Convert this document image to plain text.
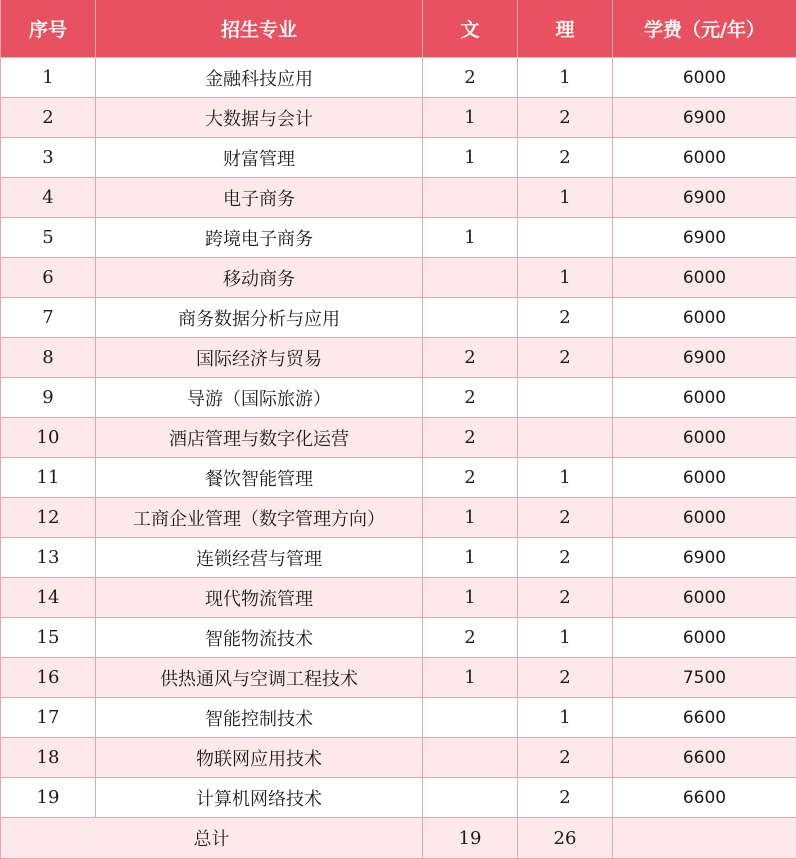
序号	招生专业	文	理	学费（元/年）
1	金融科技应用	2	1	6000
2	大数据与会计	1	2	6900
3	财富管理	1	2	6000
4	电子商务		1	6900
5	跨境电子商务	1		6900
6	移动商务		1	6000
7	商务数据分析与应用		2	6000
8	国际经济与贸易	2	2	6900
9	导游（国际旅游）	2		6000
10	酒店管理与数字化运营	2		6000
11	餐饮智能管理	2	1	6000
12	工商企业管理（数字管理方向）	1	2	6000
13	连锁经营与管理	1	2	6900
14	现代物流管理	1	2	6000
15	智能物流技术	2	1	6000
16	供热通风与空调工程技术	1	2	7500
17	智能控制技术		1	6600
18	物联网应用技术		2	6600
19	计算机网络技术		2	6600
总计		19	26	
